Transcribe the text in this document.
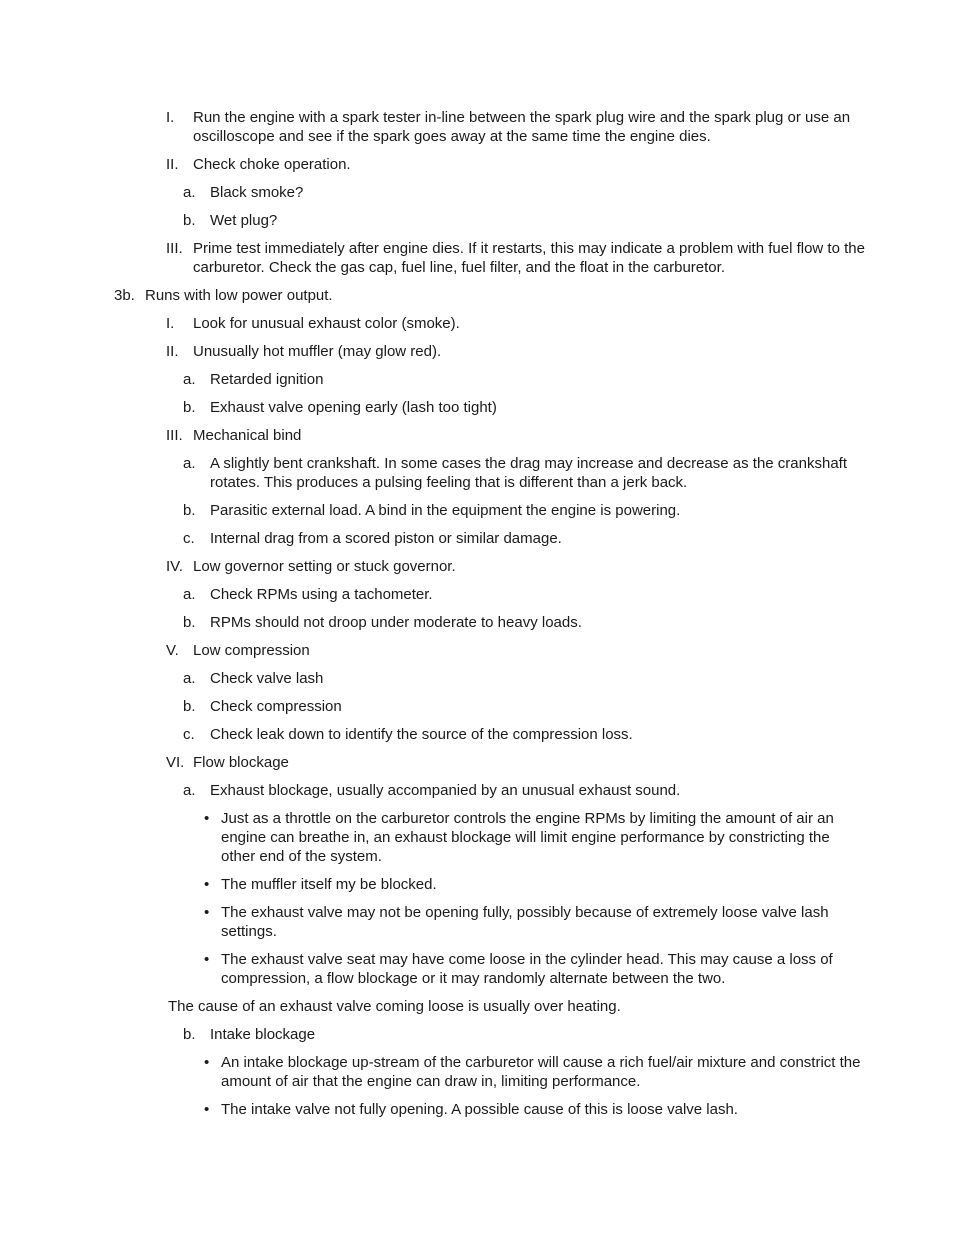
I. Run the engine with a spark tester in-line between the spark plug wire and the spark plug or use an oscilloscope and see if the spark goes away at the same time the engine dies.
II. Check choke operation.
a. Black smoke?
b. Wet plug?
III. Prime test immediately after engine dies. If it restarts, this may indicate a problem with fuel flow to the carburetor. Check the gas cap, fuel line, fuel filter, and the float in the carburetor.
3b. Runs with low power output.
I. Look for unusual exhaust color (smoke).
II. Unusually hot muffler (may glow red).
a. Retarded ignition
b. Exhaust valve opening early (lash too tight)
III. Mechanical bind
a. A slightly bent crankshaft. In some cases the drag may increase and decrease as the crankshaft rotates. This produces a pulsing feeling that is different than a jerk back.
b. Parasitic external load. A bind in the equipment the engine is powering.
c. Internal drag from a scored piston or similar damage.
IV. Low governor setting or stuck governor.
a. Check RPMs using a tachometer.
b. RPMs should not droop under moderate to heavy loads.
V. Low compression
a. Check valve lash
b. Check compression
c. Check leak down to identify the source of the compression loss.
VI. Flow blockage
a. Exhaust blockage, usually accompanied by an unusual exhaust sound.
• Just as a throttle on the carburetor controls the engine RPMs by limiting the amount of air an engine can breathe in, an exhaust blockage will limit engine performance by constricting the other end of the system.
• The muffler itself my be blocked.
• The exhaust valve may not be opening fully, possibly because of extremely loose valve lash settings.
• The exhaust valve seat may have come loose in the cylinder head. This may cause a loss of compression, a flow blockage or it may randomly alternate between the two.
The cause of an exhaust valve coming loose is usually over heating.
b. Intake blockage
• An intake blockage up-stream of the carburetor will cause a rich fuel/air mixture and constrict the amount of air that the engine can draw in, limiting performance.
• The intake valve not fully opening. A possible cause of this is loose valve lash.
